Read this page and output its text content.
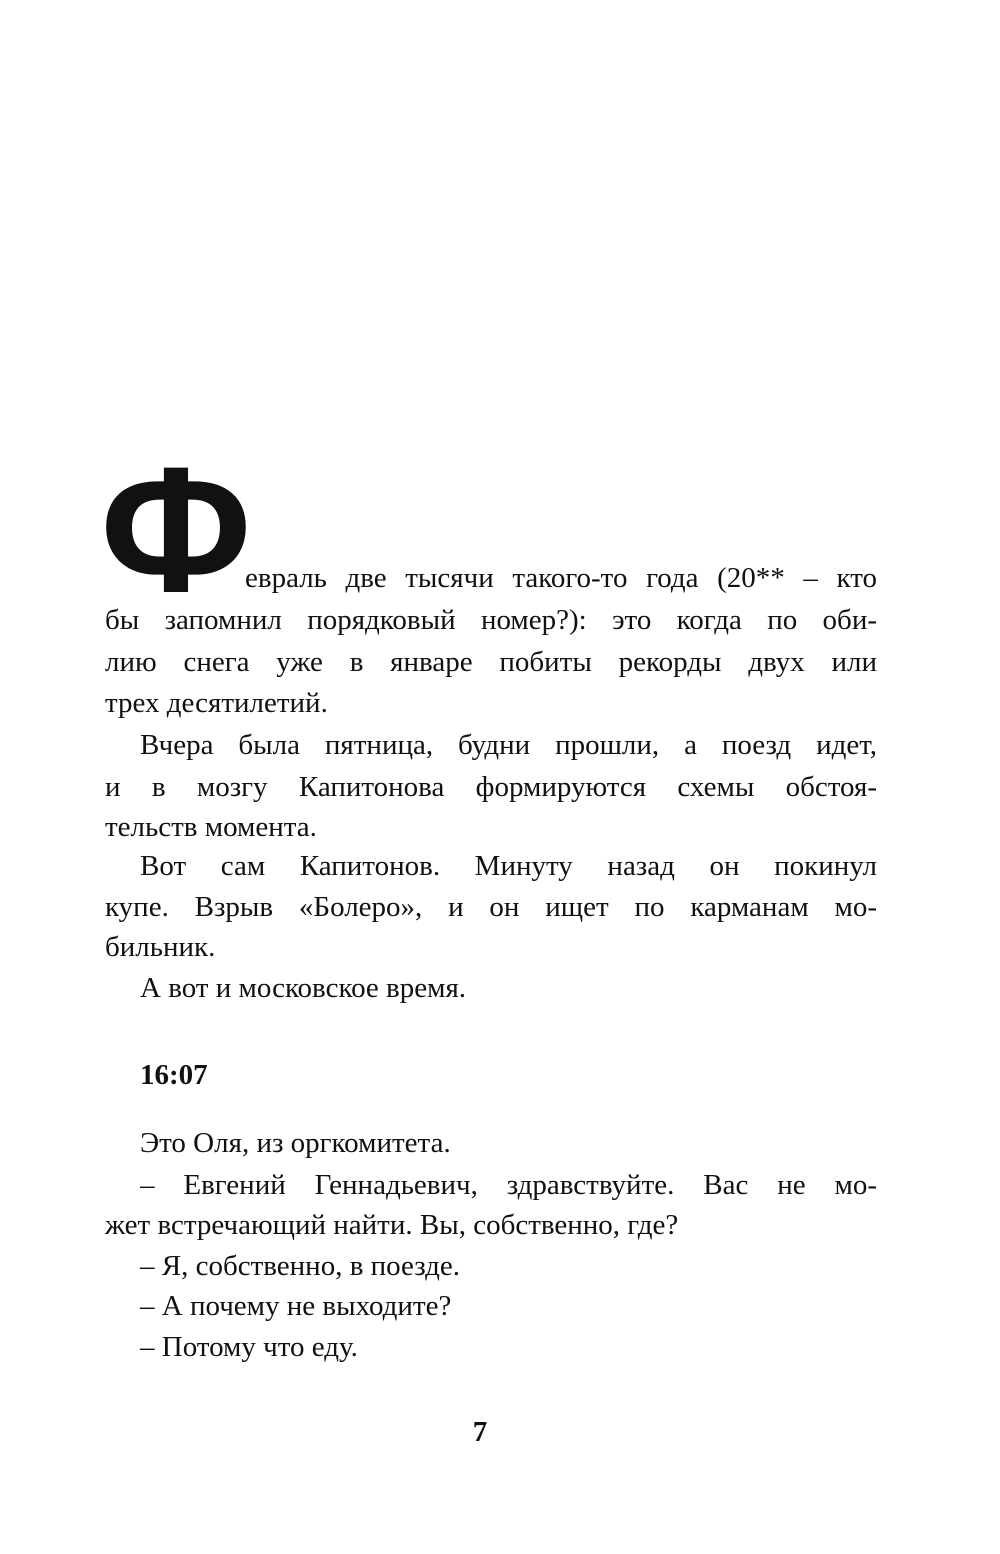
Ф
евраль две тысячи такого-то года (20** – кто
бы запомнил порядковый номер?): это когда по оби-
лию снега уже в январе побиты рекорды двух или
трех десятилетий.
Вчера была пятница, будни прошли, а поезд идет,
и в мозгу Капитонова формируются схемы обстоя-
тельств момента.
Вот сам Капитонов. Минуту назад он покинул
купе. Взрыв «Болеро», и он ищет по карманам мо-
бильник.
А вот и московское время.
16:07
Это Оля, из оргкомитета.
– Евгений Геннадьевич, здравствуйте. Вас не мо-
жет встречающий найти. Вы, собственно, где?
– Я, собственно, в поезде.
– А почему не выходите?
– Потому что еду.
7
